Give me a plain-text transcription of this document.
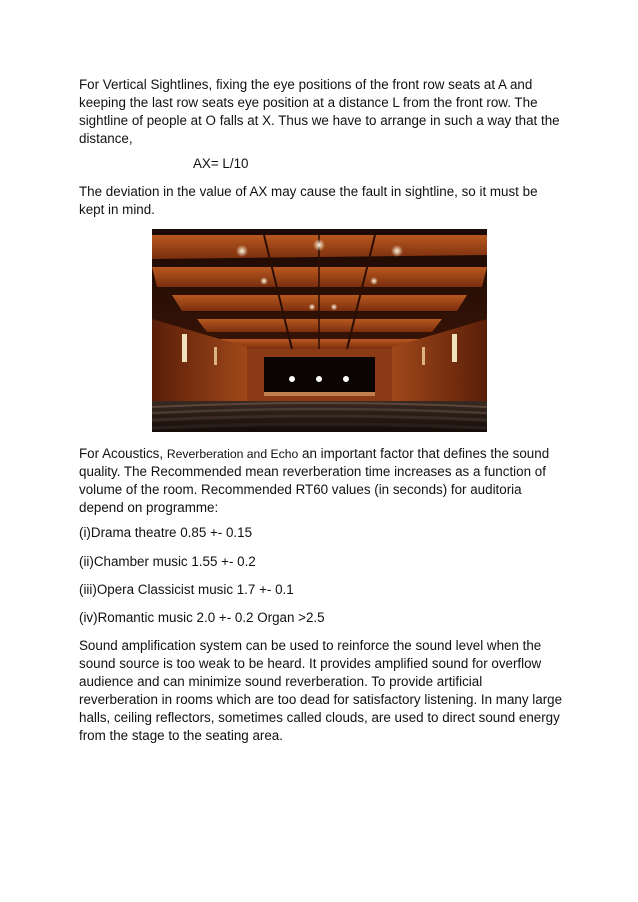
For Vertical Sightlines, fixing the eye positions of the front row seats at A and keeping the last row seats eye position at a distance L from the front row. The sightline of people at O falls at X. Thus we have to arrange in such a way that the distance,

AX= L/10

The deviation in the value of AX may cause the fault in sightline, so it must be kept in mind.

For Acoustics, Reverberation and Echo an important factor that defines the sound quality. The Recommended mean reverberation time increases as a function of volume of the room. Recommended RT60 values (in seconds) for auditoria depend on programme:

(i)Drama theatre 0.85 +- 0.15

(ii)Chamber music 1.55 +- 0.2

(iii)Opera Classicist music 1.7 +- 0.1

(iv)Romantic music 2.0 +- 0.2 Organ >2.5

Sound amplification system can be used to reinforce the sound level when the sound source is too weak to be heard. It provides amplified sound for overflow audience and can minimize sound reverberation. To provide artificial reverberation in rooms which are too dead for satisfactory listening. In many large halls, ceiling reflectors, sometimes called clouds, are used to direct sound energy from the stage to the seating area.
